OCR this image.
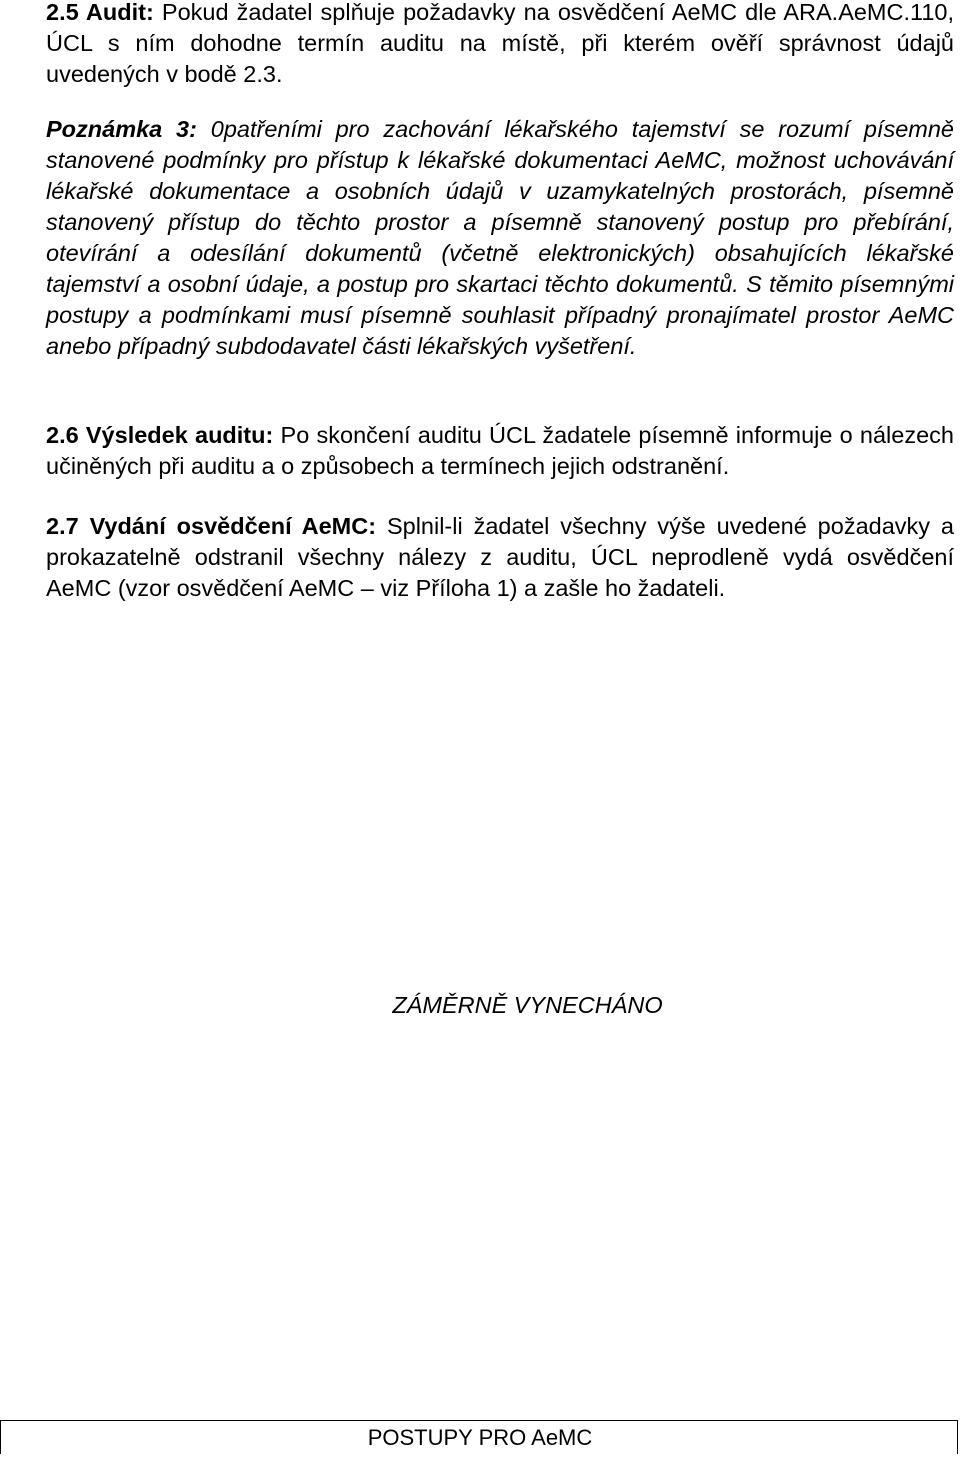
2.5 Audit: Pokud žadatel splňuje požadavky na osvědčení AeMC dle ARA.AeMC.110, ÚCL s ním dohodne termín auditu na místě, při kterém ověří správnost údajů uvedených v bodě 2.3.

Poznámka 3: 0patřeními pro zachování lékařského tajemství se rozumí písemně stanovené podmínky pro přístup k lékařské dokumentaci AeMC, možnost uchovávání lékařské dokumentace a osobních údajů v uzamykatelných prostorách, písemně stanovený přístup do těchto prostor a písemně stanovený postup pro přebírání, otevírání a odesílání dokumentů (včetně elektronických) obsahujících lékařské tajemství a osobní údaje, a postup pro skartaci těchto dokumentů. S těmito písemnými postupy a podmínkami musí písemně souhlasit případný pronajímatel prostor AeMC anebo případný subdodavatel části lékařských vyšetření.

2.6 Výsledek auditu: Po skončení auditu ÚCL žadatele písemně informuje o nálezech učiněných při auditu a o způsobech a termínech jejich odstranění.

2.7 Vydání osvědčení AeMC: Splnil-li žadatel všechny výše uvedené požadavky a prokazatelně odstranil všechny nálezy z auditu, ÚCL neprodleně vydá osvědčení AeMC (vzor osvědčení AeMC – viz Příloha 1) a zašle ho žadateli.

ZÁMĚRNĚ VYNECHÁNO
POSTUPY PRO AeMC
